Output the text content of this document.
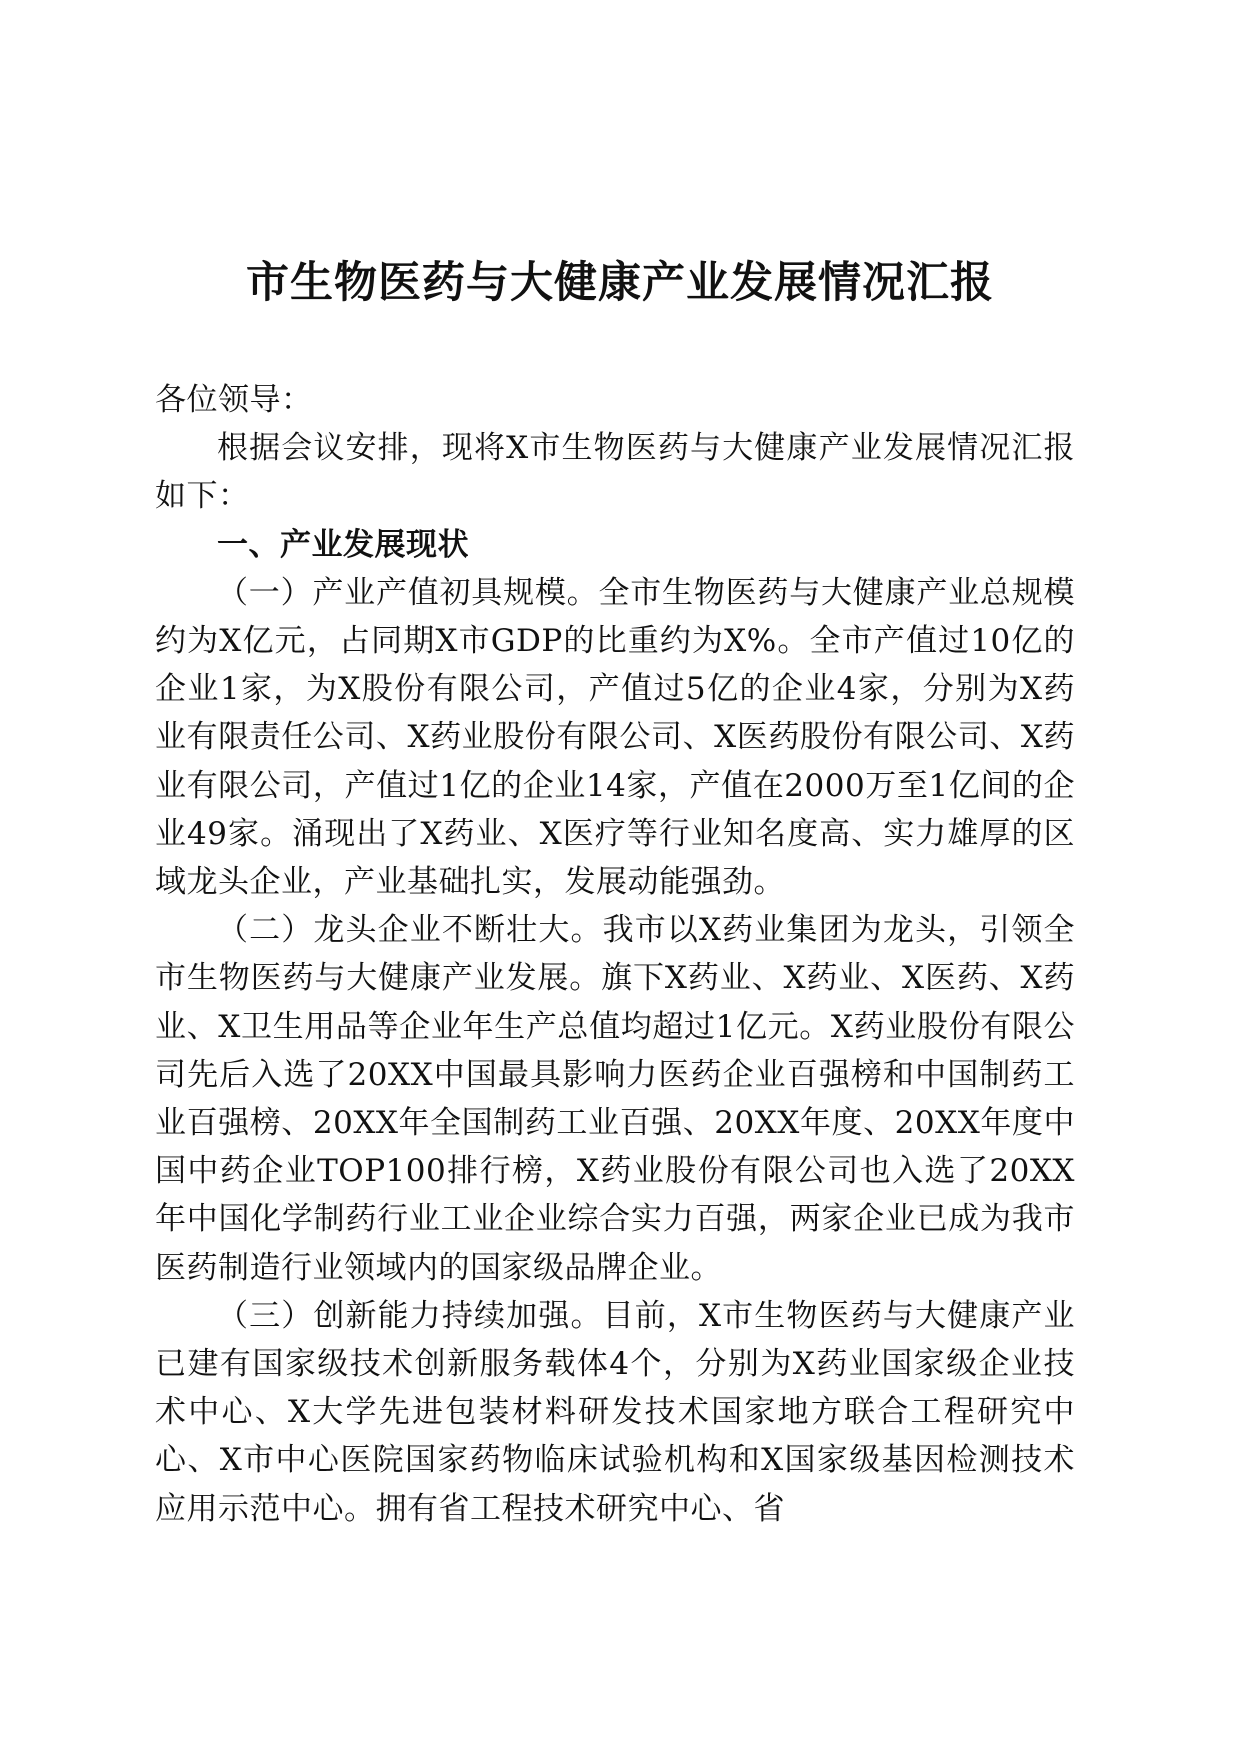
市生物医药与大健康产业发展情况汇报

各位领导：

根据会议安排，现将X市生物医药与大健康产业发展情况汇报如下：

一、产业发展现状

（一）产业产值初具规模。全市生物医药与大健康产业总规模约为X亿元，占同期X市GDP的比重约为X%。全市产值过10亿的企业1家，为X股份有限公司，产值过5亿的企业4家，分别为X药业有限责任公司、X药业股份有限公司、X医药股份有限公司、X药业有限公司，产值过1亿的企业14家，产值在2000万至1亿间的企业49家。涌现出了X药业、X医疗等行业知名度高、实力雄厚的区域龙头企业，产业基础扎实，发展动能强劲。

（二）龙头企业不断壮大。我市以X药业集团为龙头，引领全市生物医药与大健康产业发展。旗下X药业、X药业、X医药、X药业、X卫生用品等企业年生产总值均超过1亿元。X药业股份有限公司先后入选了20XX中国最具影响力医药企业百强榜和中国制药工业百强榜、20XX年全国制药工业百强、20XX年度、20XX年度中国中药企业TOP100排行榜，X药业股份有限公司也入选了20XX年中国化学制药行业工业企业综合实力百强，两家企业已成为我市医药制造行业领域内的国家级品牌企业。

（三）创新能力持续加强。目前，X市生物医药与大健康产业已建有国家级技术创新服务载体4个，分别为X药业国家级企业技术中心、X大学先进包装材料研发技术国家地方联合工程研究中心、X市中心医院国家药物临床试验机构和X国家级基因检测技术应用示范中心。拥有省工程技术研究中心、省
